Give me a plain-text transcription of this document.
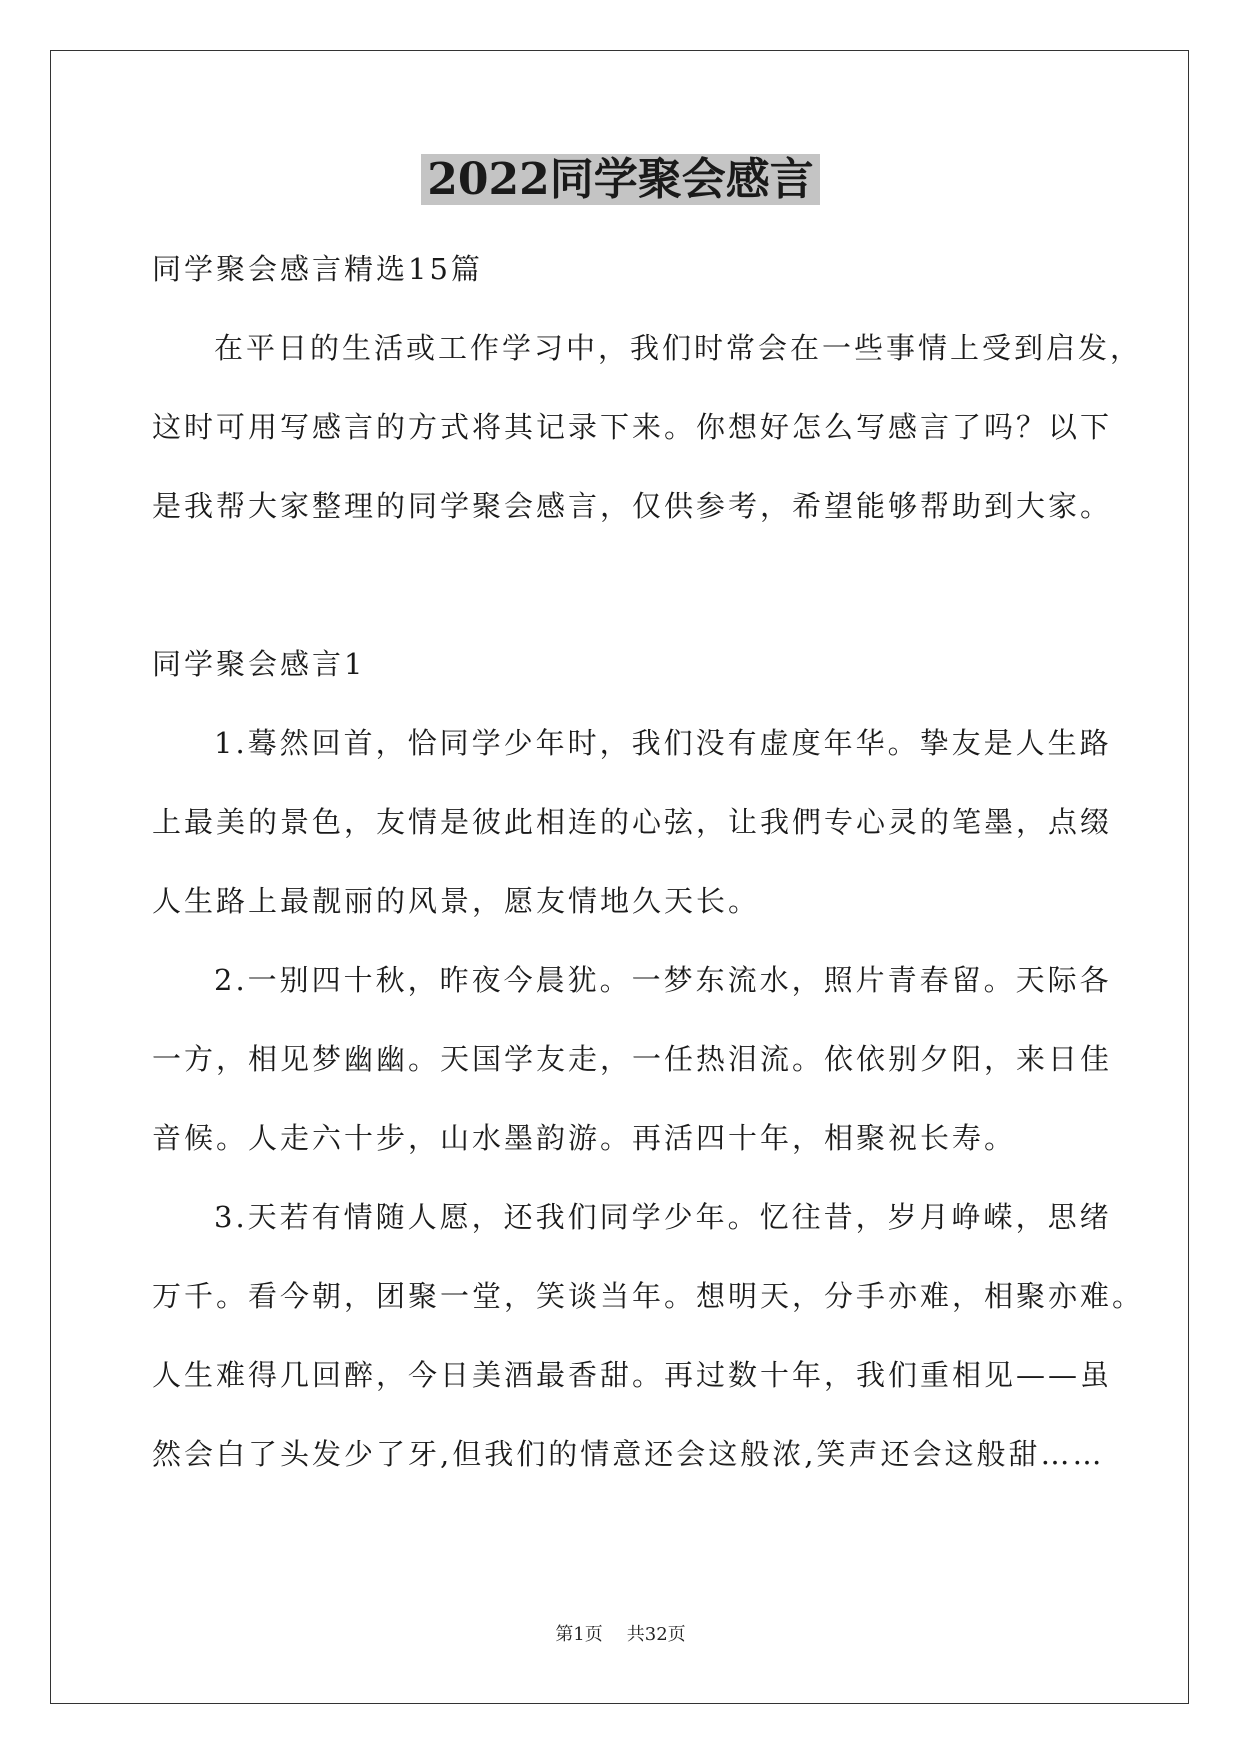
2022同学聚会感言

同学聚会感言精选15篇

在平日的生活或工作学习中，我们时常会在一些事情上受到启发，

这时可用写感言的方式将其记录下来。你想好怎么写感言了吗？以下

是我帮大家整理的同学聚会感言，仅供参考，希望能够帮助到大家。

同学聚会感言1

1.蓦然回首，恰同学少年时，我们没有虚度年华。挚友是人生路

上最美的景色，友情是彼此相连的心弦，让我們专心灵的笔墨，点缀

人生路上最靓丽的风景，愿友情地久天长。

2.一别四十秋，昨夜今晨犹。一梦东流水，照片青春留。天际各

一方，相见梦幽幽。天国学友走，一任热泪流。依依别夕阳，来日佳

音候。人走六十步，山水墨韵游。再活四十年，相聚祝长寿。

3.天若有情随人愿，还我们同学少年。忆往昔，岁月峥嵘，思绪

万千。看今朝，团聚一堂，笑谈当年。想明天，分手亦难，相聚亦难。

人生难得几回醉，今日美酒最香甜。再过数十年，我们重相见——虽

然会白了头发少了牙,但我们的情意还会这般浓,笑声还会这般甜……

第1页 共32页
